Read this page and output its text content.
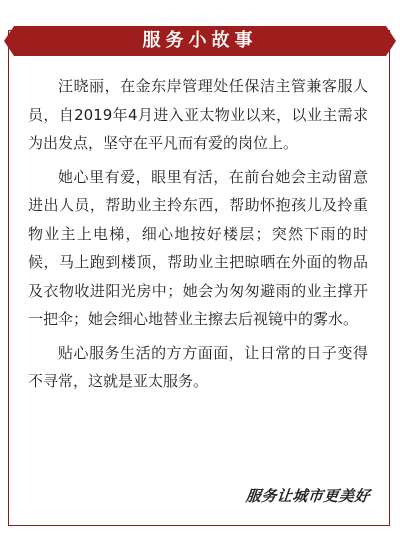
服务小故事

汪晓丽，在金东岸管理处任保洁主管兼客服人员，自2019年4月进入亚太物业以来，以业主需求为出发点，坚守在平凡而有爱的岗位上。

她心里有爱，眼里有活，在前台她会主动留意进出人员，帮助业主拎东西，帮助怀抱孩儿及拎重物业主上电梯，细心地按好楼层；突然下雨的时候，马上跑到楼顶，帮助业主把晾晒在外面的物品及衣物收进阳光房中；她会为匆匆避雨的业主撑开一把伞；她会细心地替业主擦去后视镜中的雾水。

贴心服务生活的方方面面，让日常的日子变得不寻常，这就是亚太服务。

服务让城市更美好
